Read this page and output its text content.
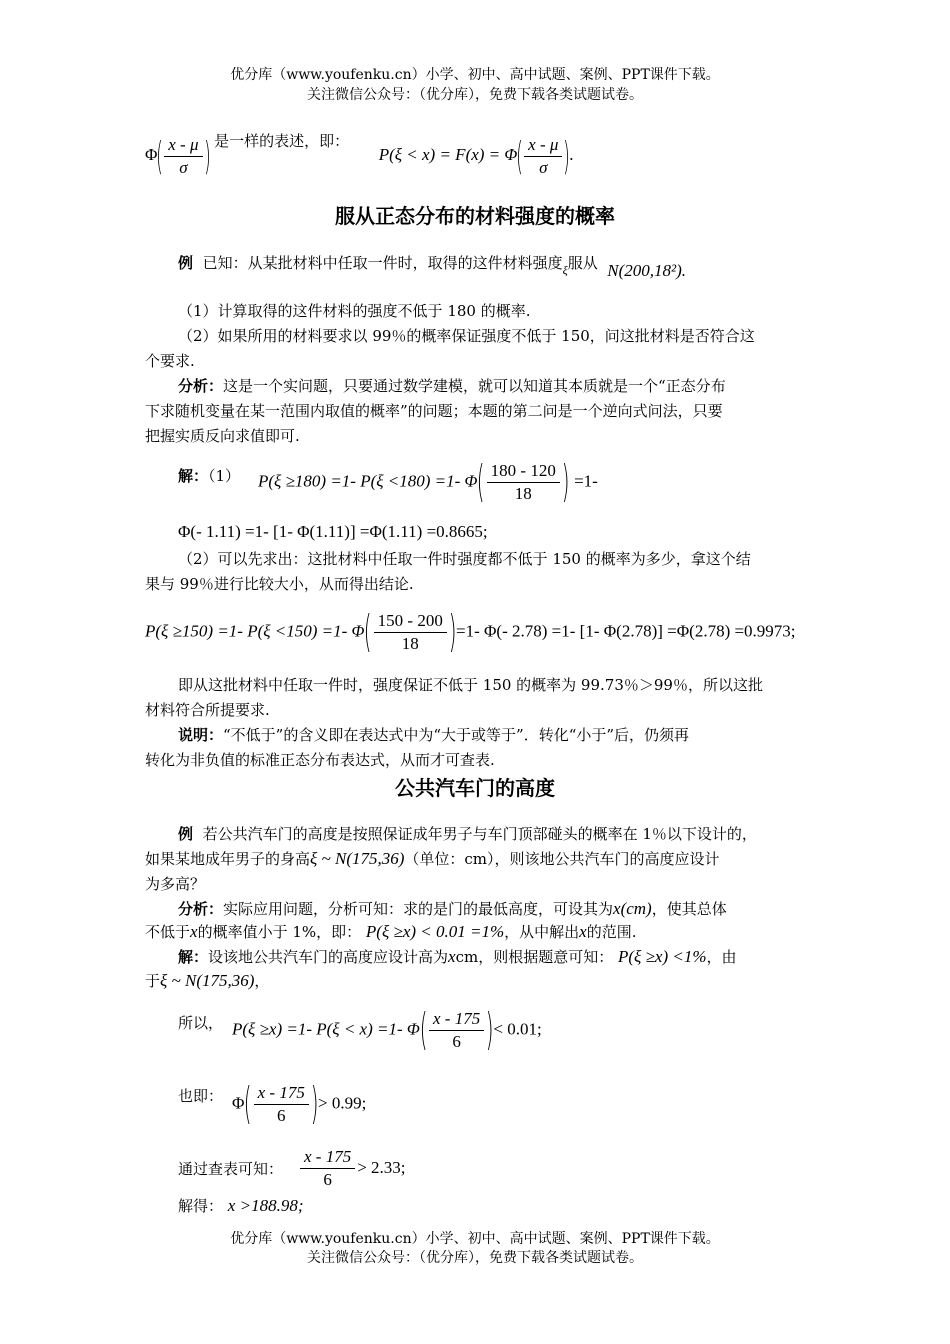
优分库（www.youfenku.cn）小学、初中、高中试题、案例、PPT课件下载。
关注微信公众号：（优分库），免费下载各类试题试卷。
$\Phi( \frac{x - \mu}{\sigma}$ ) 是一样的表述，即：  $P(\xi < x) = F(x) = \Phi( \frac{x - \mu}{\sigma}$ ).
服从正态分布的材料强度的概率
例 已知：从某批材料中任取一件时，取得的这件材料强度$_\xi$服从 N(200,18²).
（1）计算取得的这件材料的强度不低于 180 的概率.
（2）如果所用的材料要求以 99％的概率保证强度不低于 150，问这批材料是否符合这
个要求.
分析：这是一个实问题，只要通过数学建模，就可以知道其本质就是一个“正态分布
下求随机变量在某一范围内取值的概率”的问题；本题的第二问是一个逆向式问法，只要
把握实质反向求值即可.
解：（1） P(ξ ≥180) =1- P(ξ <180) =1- $\Phi( \frac{180 - 120}{18}$ ) =1-
Φ(- 1.11) =1- [1- Φ(1.11)] =Φ(1.11) =0.8665;
（2）可以先求出：这批材料中任取一件时强度都不低于 150 的概率为多少，拿这个结
果与 99％进行比较大小，从而得出结论.
P(ξ ≥150) =1- P(ξ <150) =1- $\Phi( \frac{150 - 200}{18} )=1-$ Φ(- 2.78) =1- [1- Φ(2.78)] =Φ(2.78) =0.9973;
即从这批材料中任取一件时，强度保证不低于 150 的概率为 99.73％＞99％，所以这批
材料符合所提要求.
说明：“不低于”的含义即在表达式中为“大于或等于”．转化“小于”后，仍须再
转化为非负值的标准正态分布表达式，从而才可查表.
公共汽车门的高度
例 若公共汽车门的高度是按照保证成年男子与车门顶部碰头的概率在 1％以下设计的，
如果某地成年男子的身高ξ ~ N(175,36)（单位：cm），则该地公共汽车门的高度应设计
为多高？
分析：实际应用问题，分析可知：求的是门的最低高度，可设其为x(cm)，使其总体
不低于x的概率值小于 1%，即： P(ξ ≥x) < 0.01 =1%，从中解出x的范围.
解：设该地公共汽车门的高度应设计高为xcm，则根据题意可知： P(ξ ≥x) <1%，由
于ξ ~ N(175,36)，
所以， P(ξ ≥x) =1- P(ξ < x) =1- $\Phi( \frac{x - 175}{6}$ )< 0.01;
也即： $\Phi( \frac{x - 175}{6}$ )> 0.99;
通过查表可知： $\frac{x - 175}{6} > 2.33$;
解得： x >188.98;
优分库（www.youfenku.cn）小学、初中、高中试题、案例、PPT课件下载。
关注微信公众号：（优分库），免费下载各类试题试卷。
